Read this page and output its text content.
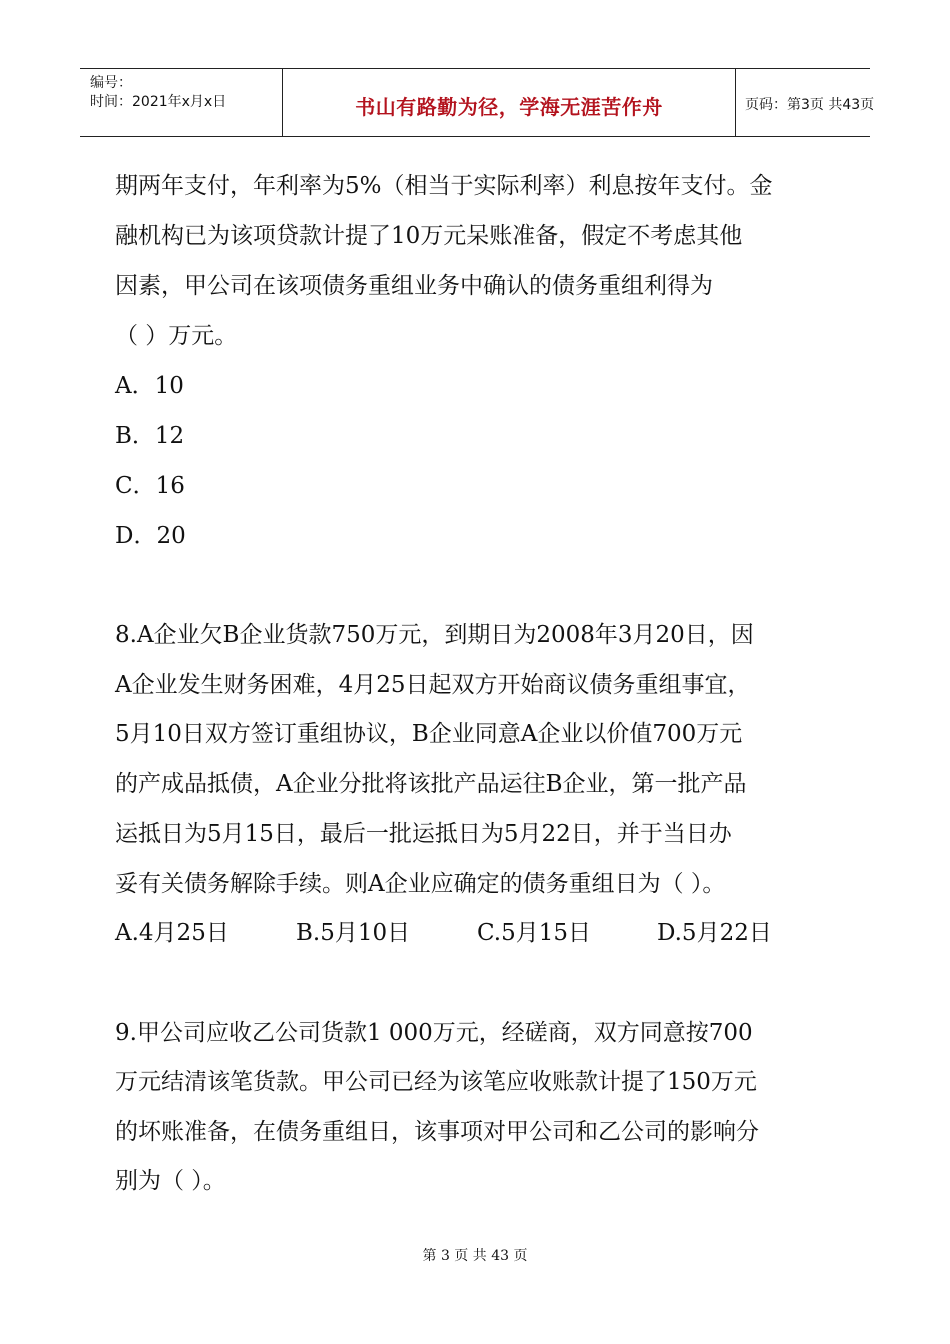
编号：
时间：2021年x月x日	书山有路勤为径，学海无涯苦作舟	页码：第3页 共43页
期两年支付，年利率为5%（相当于实际利率）利息按年支付。金
融机构已为该项贷款计提了10万元呆账准备，假定不考虑其他
因素，甲公司在该项债务重组业务中确认的债务重组利得为
（ ）万元。
A．10
B．12
C．16
D．20
8.A企业欠B企业货款750万元，到期日为2008年3月20日，因
A企业发生财务困难，4月25日起双方开始商议债务重组事宜，
5月10日双方签订重组协议，B企业同意A企业以价值700万元
的产成品抵债，A企业分批将该批产品运往B企业，第一批产品
运抵日为5月15日，最后一批运抵日为5月22日，并于当日办
妥有关债务解除手续。则A企业应确定的债务重组日为（ ）。
A.4月25日	B.5月10日	C.5月15日	D.5月22日
9.甲公司应收乙公司货款1 000万元，经磋商，双方同意按700
万元结清该笔货款。甲公司已经为该笔应收账款计提了150万元
的坏账准备，在债务重组日，该事项对甲公司和乙公司的影响分
别为（ ）。
第 3 页 共 43 页
